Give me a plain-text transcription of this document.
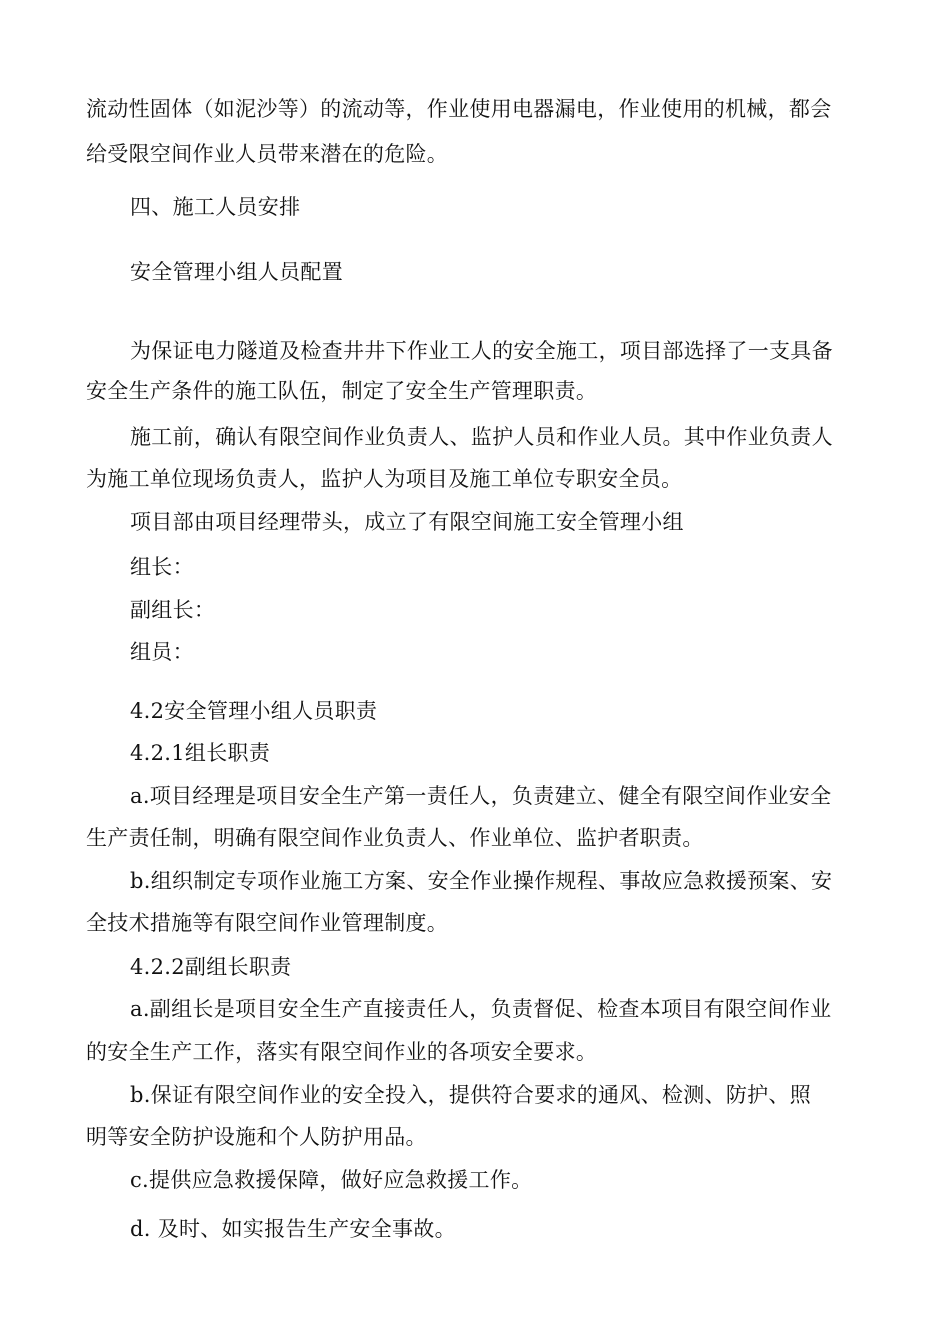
流动性固体（如泥沙等）的流动等，作业使用电器漏电，作业使用的机械，都会
给受限空间作业人员带来潜在的危险。
四、施工人员安排
安全管理小组人员配置
为保证电力隧道及检查井井下作业工人的安全施工，项目部选择了一支具备
安全生产条件的施工队伍，制定了安全生产管理职责。
施工前，确认有限空间作业负责人、监护人员和作业人员。其中作业负责人
为施工单位现场负责人，监护人为项目及施工单位专职安全员。
项目部由项目经理带头，成立了有限空间施工安全管理小组
组长：
副组长：
组员：
4.2安全管理小组人员职责
4.2.1组长职责
a.项目经理是项目安全生产第一责任人，负责建立、健全有限空间作业安全
生产责任制，明确有限空间作业负责人、作业单位、监护者职责。
b.组织制定专项作业施工方案、安全作业操作规程、事故应急救援预案、安
全技术措施等有限空间作业管理制度。
4.2.2副组长职责
a.副组长是项目安全生产直接责任人，负责督促、检查本项目有限空间作业
的安全生产工作，落实有限空间作业的各项安全要求。
b.保证有限空间作业的安全投入，提供符合要求的通风、检测、防护、照
明等安全防护设施和个人防护用品。
c.提供应急救援保障，做好应急救援工作。
d. 及时、如实报告生产安全事故。
